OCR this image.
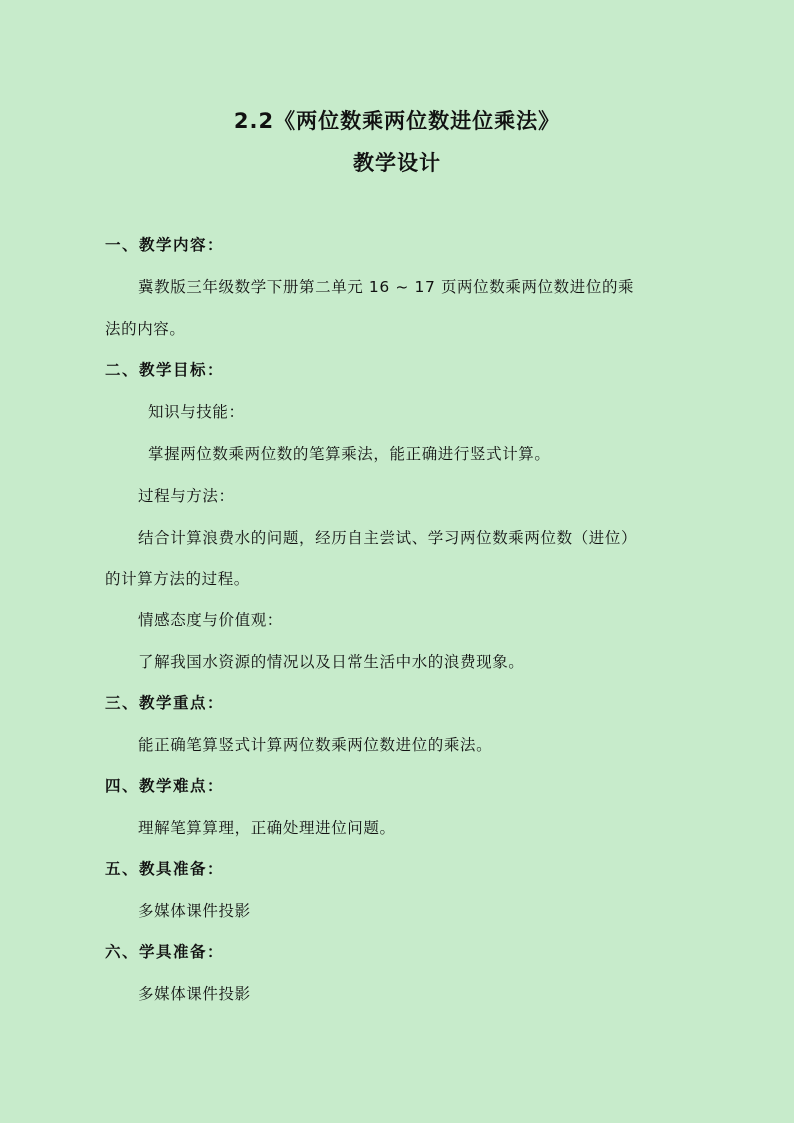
2.2《两位数乘两位数进位乘法》
教学设计
一、教学内容：
冀教版三年级数学下册第二单元 16 ~ 17 页两位数乘两位数进位的乘
法的内容。
二、教学目标：
知识与技能：
掌握两位数乘两位数的笔算乘法，能正确进行竖式计算。
过程与方法：
结合计算浪费水的问题，经历自主尝试、学习两位数乘两位数（进位）
的计算方法的过程。
情感态度与价值观：
了解我国水资源的情况以及日常生活中水的浪费现象。
三、教学重点：
能正确笔算竖式计算两位数乘两位数进位的乘法。
四、教学难点：
理解笔算算理，正确处理进位问题。
五、教具准备：
多媒体课件投影
六、学具准备：
多媒体课件投影
